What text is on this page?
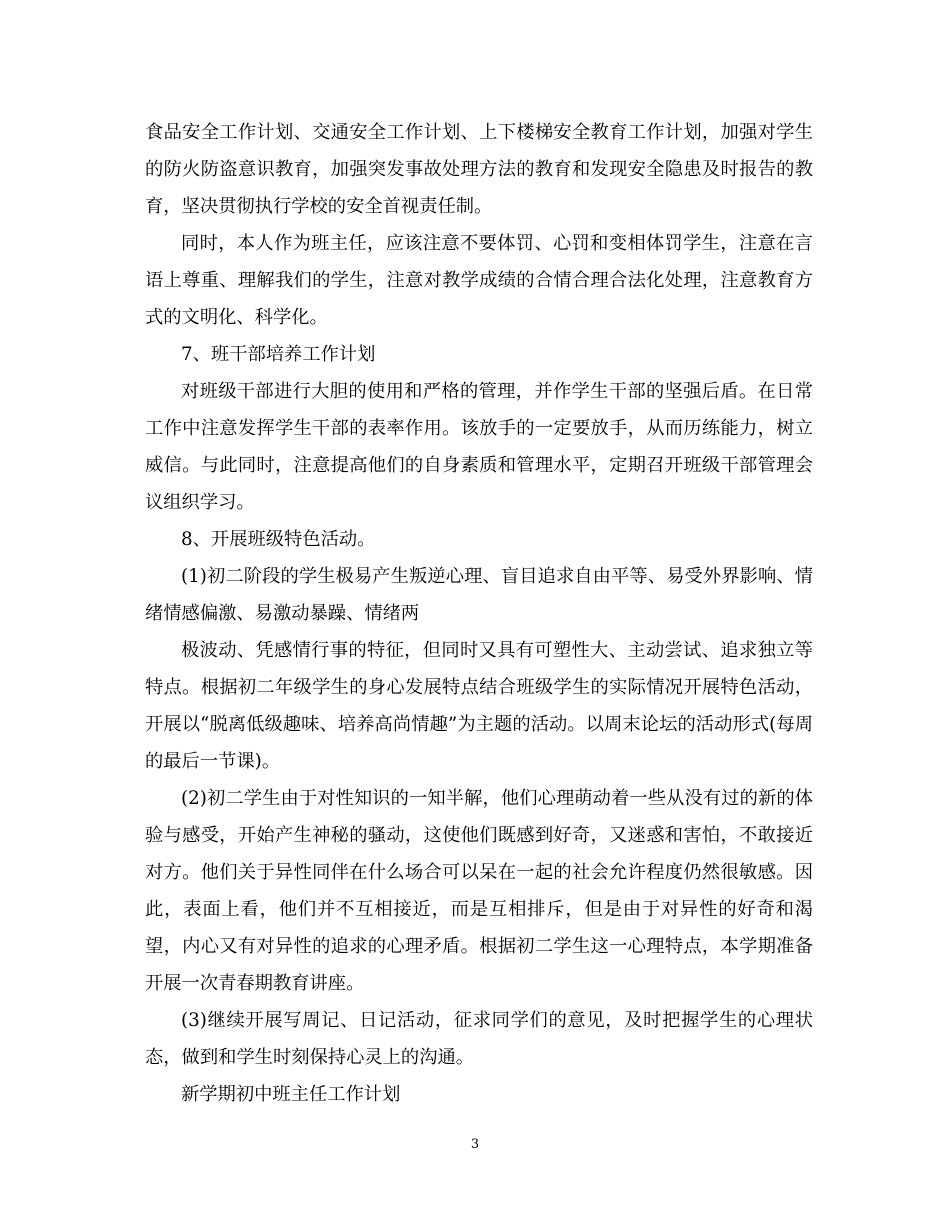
食品安全工作计划、交通安全工作计划、上下楼梯安全教育工作计划，加强对学生的防火防盗意识教育，加强突发事故处理方法的教育和发现安全隐患及时报告的教育，坚决贯彻执行学校的安全首视责任制。

同时，本人作为班主任，应该注意不要体罚、心罚和变相体罚学生，注意在言语上尊重、理解我们的学生，注意对教学成绩的合情合理合法化处理，注意教育方式的文明化、科学化。

7、班干部培养工作计划

对班级干部进行大胆的使用和严格的管理，并作学生干部的坚强后盾。在日常工作中注意发挥学生干部的表率作用。该放手的一定要放手，从而历练能力，树立威信。与此同时，注意提高他们的自身素质和管理水平，定期召开班级干部管理会议组织学习。

8、开展班级特色活动。

(1)初二阶段的学生极易产生叛逆心理、盲目追求自由平等、易受外界影响、情绪情感偏激、易激动暴躁、情绪两

极波动、凭感情行事的特征，但同时又具有可塑性大、主动尝试、追求独立等特点。根据初二年级学生的身心发展特点结合班级学生的实际情况开展特色活动，开展以“脱离低级趣味、培养高尚情趣”为主题的活动。以周末论坛的活动形式(每周的最后一节课)。

(2)初二学生由于对性知识的一知半解，他们心理萌动着一些从没有过的新的体验与感受，开始产生神秘的骚动，这使他们既感到好奇，又迷惑和害怕，不敢接近对方。他们关于异性同伴在什么场合可以呆在一起的社会允许程度仍然很敏感。因此，表面上看，他们并不互相接近，而是互相排斥，但是由于对异性的好奇和渴望，内心又有对异性的追求的心理矛盾。根据初二学生这一心理特点，本学期准备开展一次青春期教育讲座。

(3)继续开展写周记、日记活动，征求同学们的意见，及时把握学生的心理状态，做到和学生时刻保持心灵上的沟通。

新学期初中班主任工作计划

3
